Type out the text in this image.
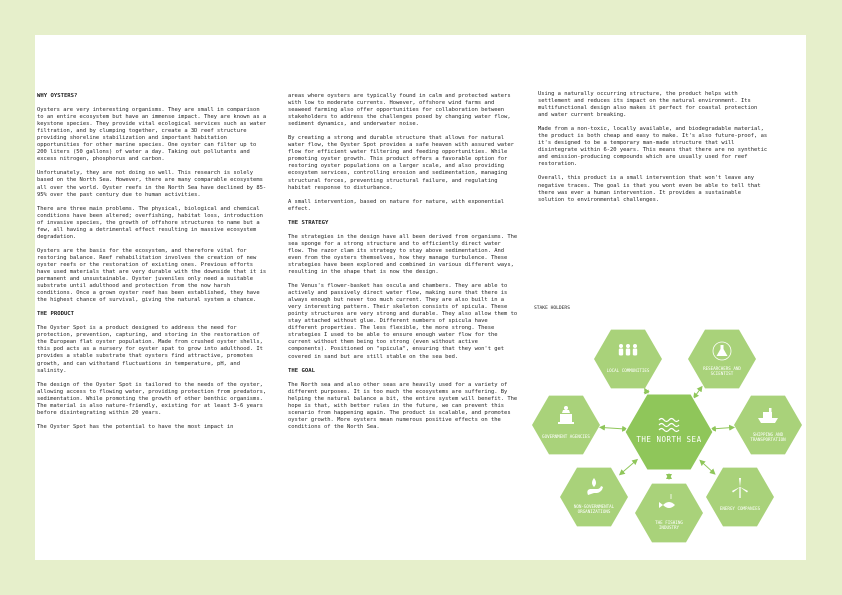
WHY OYSTERS?

Oysters are very interesting organisms. They are small in comparison to an entire ecosystem but have an immense impact. They are known as a keystone species. They provide vital ecological services such as water filtration, and by clumping together, create a 3D reef structure providing shoreline stabilization and important habitation opportunities for other marine species. One oyster can filter up to 200 liters (50 gallons) of water a day. Taking out pollutants and excess nitrogen, phosphorus and carbon.

Unfortunately, they are not doing so well. This research is solely based on the North Sea. However, there are many comparable ecosystems all over the world. Oyster reefs in the North Sea have declined by 85-95% over the past century due to human activities.

There are three main problems. The physical, biological and chemical conditions have been altered; overfishing, habitat loss, introduction of invasive species, the growth of offshore structures to name but a few, all having a detrimental effect resulting in massive ecosystem degradation.

Oysters are the basis for the ecosystem, and therefore vital for restoring balance. Reef rehabilitation involves the creation of new oyster reefs or the restoration of existing ones. Previous efforts have used materials that are very durable with the downside that it is permanent and unsustainable. Oyster juveniles only need a suitable substrate until adulthood and protection from the now harsh conditions. Once a grown oyster reef has been established, they have the highest chance of survival, giving the natural system a chance.

THE PRODUCT

The Oyster Spot is a product designed to address the need for protection, prevention, capturing, and storing in the restoration of the European flat oyster population. Made from crushed oyster shells, this pod acts as a nursery for oyster spat to grow into adulthood. It provides a stable substrate that oysters find attractive, promotes growth, and can withstand fluctuations in temperature, pH, and salinity.

The design of the Oyster Spot is tailored to the needs of the oyster, allowing access to flowing water, providing protection from predators, sedimentation. While promoting the growth of other benthic organisms. The material is also nature-friendly, existing for at least 3-6 years before disintegrating within 20 years.

The Oyster Spot has the potential to have the most impact in

areas where oysters are typically found in calm and protected waters with low to moderate currents. However, offshore wind farms and seaweed farming also offer opportunities for collaboration between stakeholders to address the challenges posed by changing water flow, sediment dynamics, and underwater noise.

By creating a strong and durable structure that allows for natural water flow, the Oyster Spot provides a safe heaven with assured water flow for efficient water filtering and feeding opportunities. While promoting oyster growth. This product offers a favorable option for restoring oyster populations on a larger scale, and also providing ecosystem services, controlling erosion and sedimentation, managing structural forces, preventing structural failure, and regulating habitat response to disturbance.

A small intervention, based on nature for nature, with exponential effect.

THE STRATEGY

The strategies in the design have all been derived from organisms. The sea sponge for a strong structure and to efficiently direct water flow. The razor clam its strategy to stay above sedimentation. And even from the oysters themselves, how they manage turbulence. These strategies have been explored and combined in various different ways, resulting in the shape that is now the design.

The Venus's flower-basket has oscula and chambers. They are able to actively and passively direct water flow, making sure that there is always enough but never too much current. They are also built in a very interesting pattern. Their skeleton consists of spicula. These pointy structures are very strong and durable. They also allow them to stay attached without glue. Different numbers of spicula have different properties. The less flexible, the more strong. These strategies I used to be able to ensure enough water flow for the current without them being too strong (even without active components). Positioned on "spicula", ensuring that they won't get covered in sand but are still stable on the sea bed.

THE GOAL

The North sea and also other seas are heavily used for a variety of different purposes. It is too much the ecosystems are suffering. By helping the natural balance a bit, the entire system will benefit. The hope is that, with better rules in the future, we can prevent this scenario from happening again. The product is scalable, and promotes oyster growth. More oysters mean numerous positive effects on the conditions of the North Sea.

Using a naturally occurring structure, the product helps with settlement and reduces its impact on the natural environment. Its multifunctional design also makes it perfect for coastal protection and water current breaking.

Made from a non-toxic, locally available, and biodegradable material, the product is both cheap and easy to make. It's also future-proof, as it's designed to be a temporary man-made structure that will disintegrate within 6-20 years. This means that there are no synthetic and emission-producing compounds which are usually used for reef restoration.

Overall, this product is a small intervention that won't leave any negative traces. The goal is that you wont even be able to tell that there was ever a human intervention. It provides a sustainable solution to environmental challenges.

STAKE HOLDERS
LOCAL COMMUNITIES	RESEARCHERS AND
SCIENTIST
SHIPPING AND
TRANSPORTATION
ENERGY COMPANIES
THE FISHING
INDUSTRY
NON-GOVERNMENTAL
ORGANIZATIONS
GOVERNMENT AGENCIES	THE NORTH SEA
